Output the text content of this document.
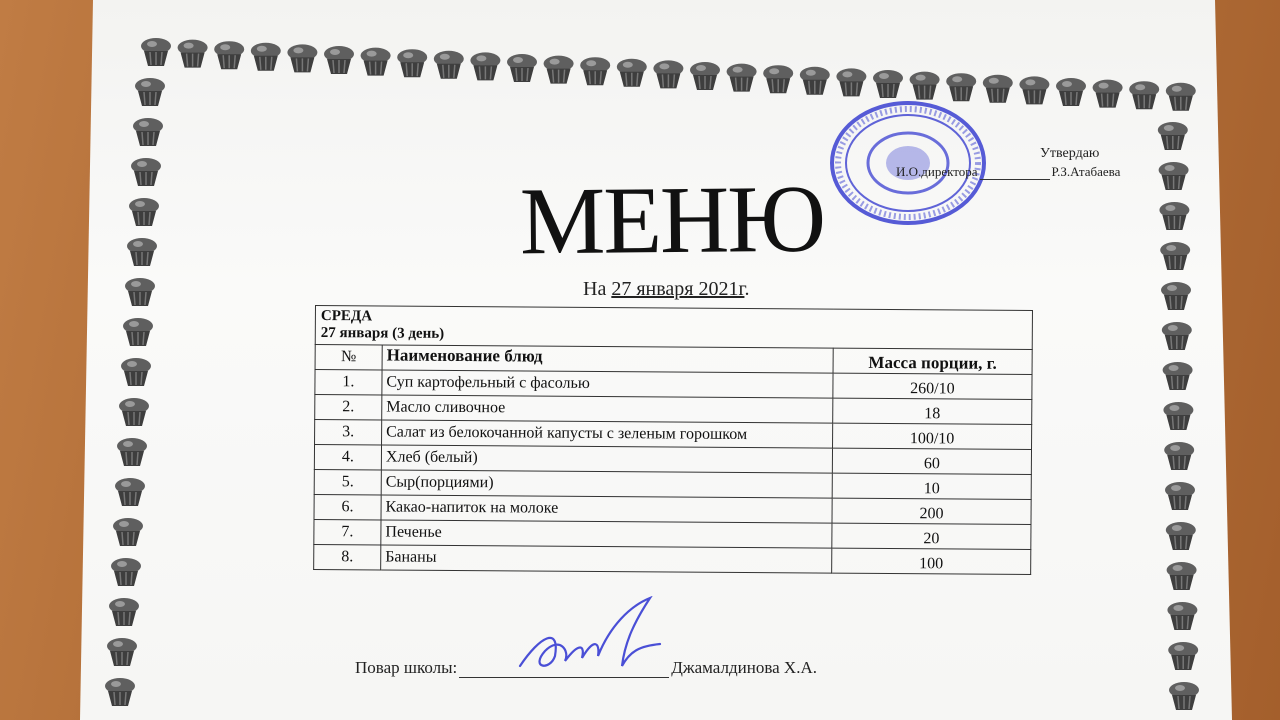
Утвердаю
И.О.директора	Р.З.Атабаева
МЕНЮ
На 27 января 2021г.
СРЕДА
27 января (3 день)		

№	Наименование блюд	Масса порции, г.
1.	Суп картофельный с фасолью	260/10
2.	Масло сливочное	18
3.	Салат из белокочанной капусты с зеленым горошком	100/10
4.	Хлеб (белый)	60
5.	Сыр(порциями)	10
6.	Какао-напиток на молоке	200
7.	Печенье	20
8.	Бананы	100
Повар школы:	Джамалдинова Х.А.
